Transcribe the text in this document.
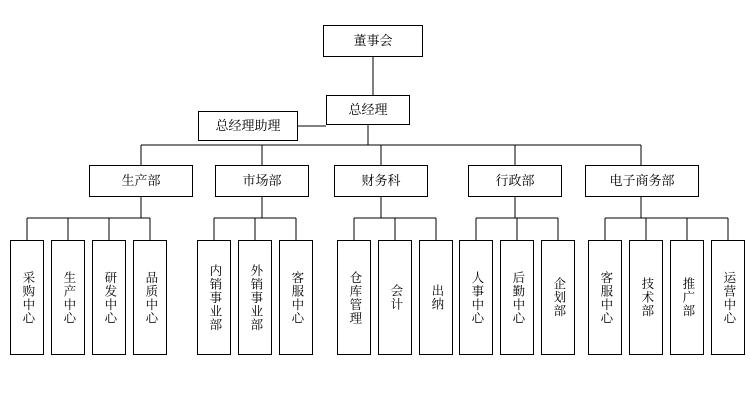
董事会
总经理
总经理助理
生产部	市场部	财务科	行政部	电子商务部
采购中心	生产中心	研发中心	品质中心	内销事业部	外销事业部	客服中心	仓库管理	会计	出纳	人事中心	后勤中心	企划部	客服中心	技术部	推广部	运营中心
